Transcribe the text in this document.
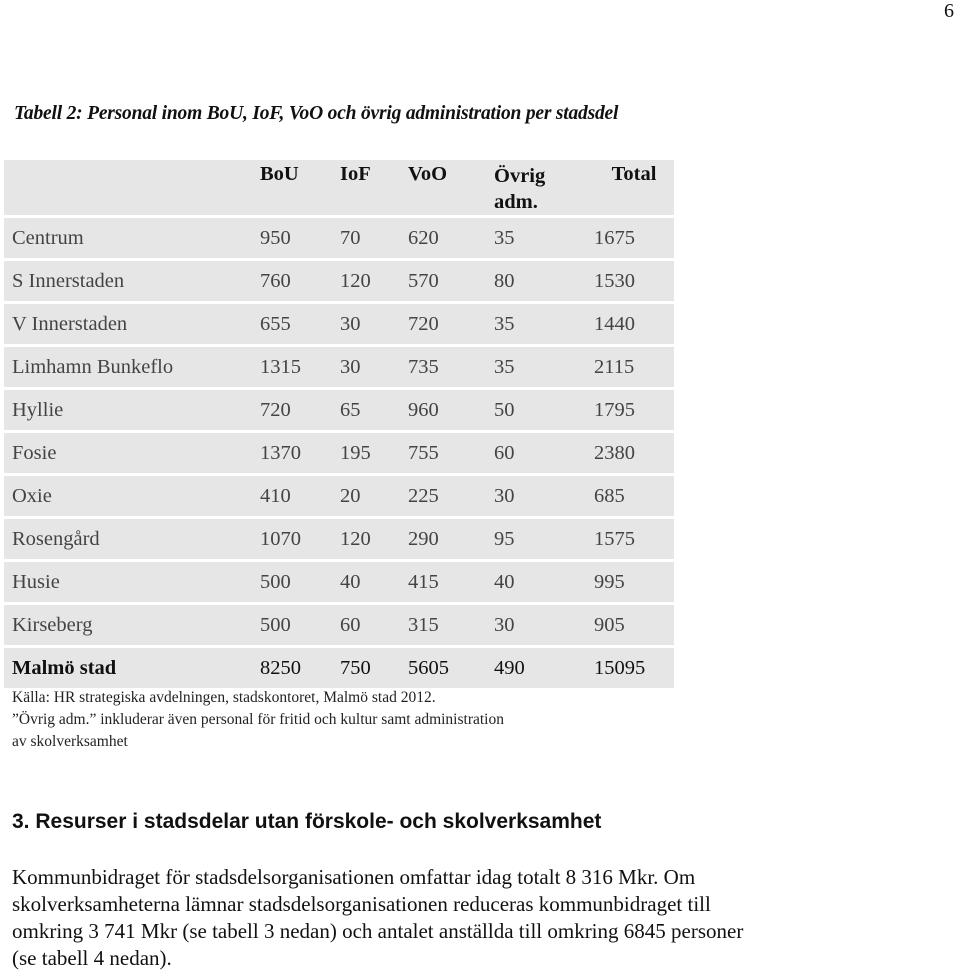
6
Tabell 2: Personal inom BoU, IoF, VoO och övrig administration per stadsdel
	BoU	IoF	VoO	Övrig adm.	Total
Centrum	950	70	620	35	1675
S Innerstaden	760	120	570	80	1530
V Innerstaden	655	30	720	35	1440
Limhamn Bunkeflo	1315	30	735	35	2115
Hyllie	720	65	960	50	1795
Fosie	1370	195	755	60	2380
Oxie	410	20	225	30	685
Rosengård	1070	120	290	95	1575
Husie	500	40	415	40	995
Kirseberg	500	60	315	30	905
Malmö stad	8250	750	5605	490	15095
Källa: HR strategiska avdelningen, stadskontoret, Malmö stad 2012.
”Övrig adm.” inkluderar även personal för fritid och kultur samt administration
av skolverksamhet
3. Resurser i stadsdelar utan förskole- och skolverksamhet
Kommunbidraget för stadsdelsorganisationen omfattar idag totalt 8 316 Mkr. Om
skolverksamheterna lämnar stadsdelsorganisationen reduceras kommunbidraget till
omkring 3 741 Mkr (se tabell 3 nedan) och antalet anställda till omkring 6845 personer
(se tabell 4 nedan).
